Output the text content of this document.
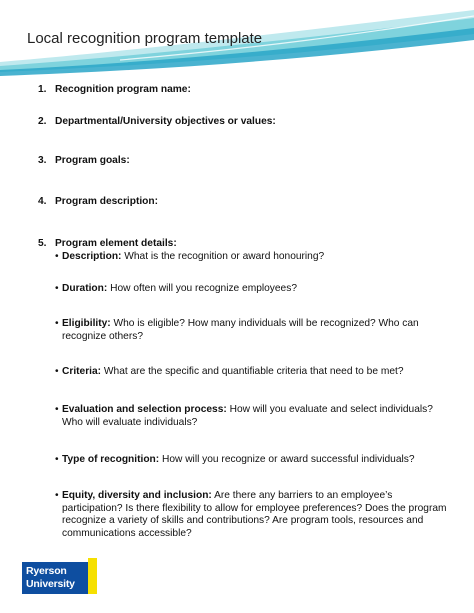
Local recognition program template
1. Recognition program name:
2. Departmental/University objectives or values:
3. Program goals:
4. Program description:
5. Program element details:
• Description: What is the recognition or award honouring?
• Duration: How often will you recognize employees?
• Eligibility: Who is eligible? How many individuals will be recognized? Who can recognize others?
• Criteria: What are the specific and quantifiable criteria that need to be met?
• Evaluation and selection process: How will you evaluate and select individuals? Who will evaluate individuals?
• Type of recognition: How will you recognize or award successful individuals?
• Equity, diversity and inclusion: Are there any barriers to an employee’s participation? Is there flexibility to allow for employee preferences? Does the program recognize a variety of skills and contributions? Are program tools, resources and communications accessible?
Ryerson
University
